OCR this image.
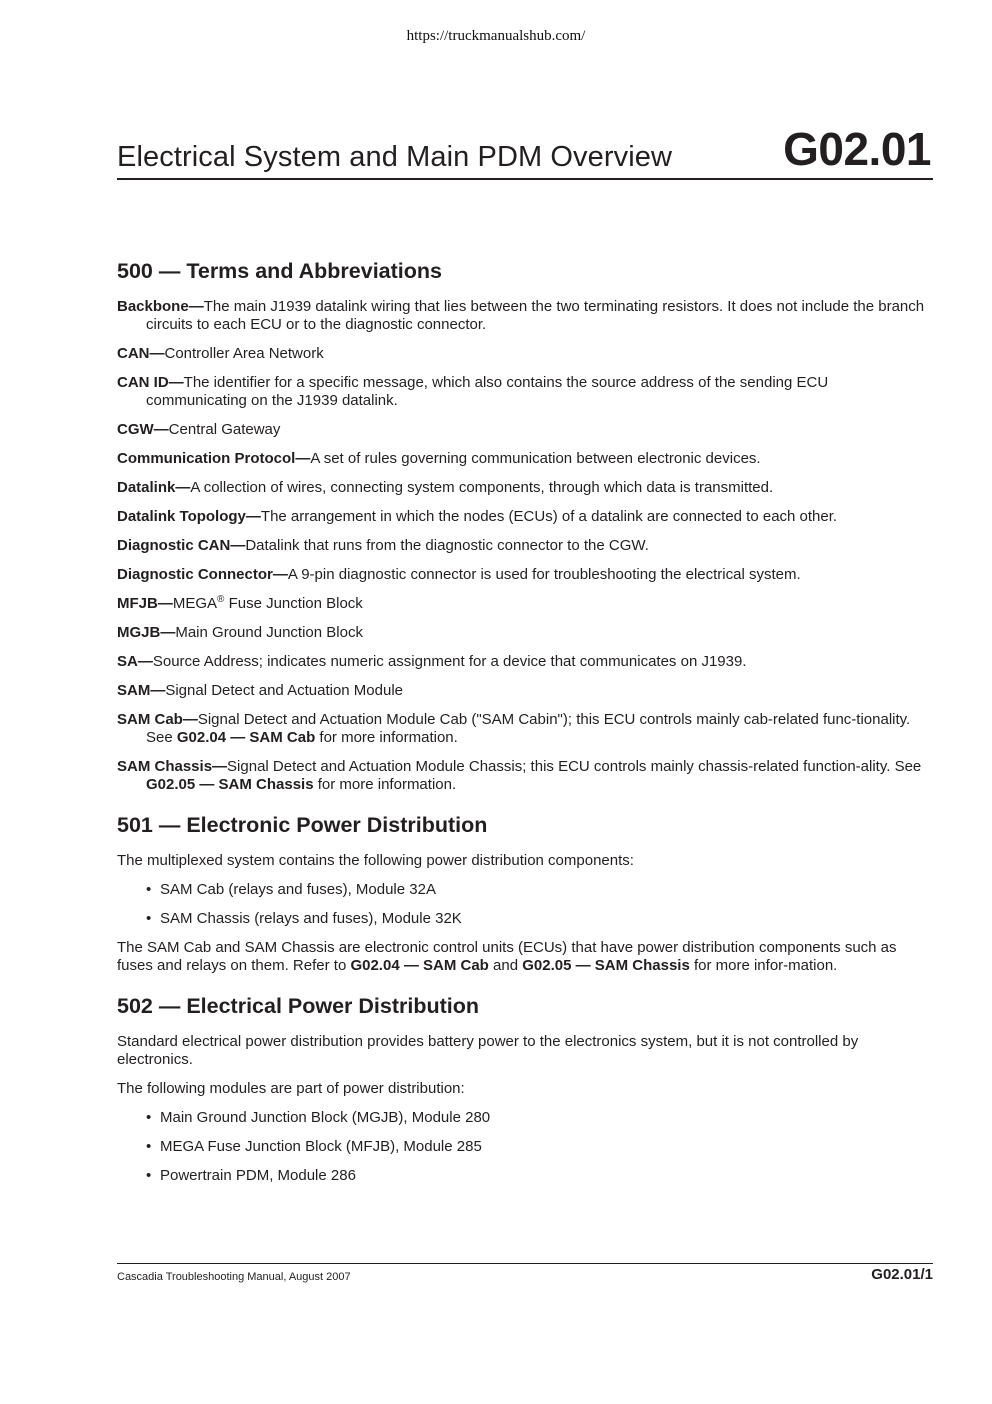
https://truckmanualshub.com/
Electrical System and Main PDM Overview G02.01
500 — Terms and Abbreviations
Backbone—The main J1939 datalink wiring that lies between the two terminating resistors. It does not include the branch circuits to each ECU or to the diagnostic connector.
CAN—Controller Area Network
CAN ID—The identifier for a specific message, which also contains the source address of the sending ECU communicating on the J1939 datalink.
CGW—Central Gateway
Communication Protocol—A set of rules governing communication between electronic devices.
Datalink—A collection of wires, connecting system components, through which data is transmitted.
Datalink Topology—The arrangement in which the nodes (ECUs) of a datalink are connected to each other.
Diagnostic CAN—Datalink that runs from the diagnostic connector to the CGW.
Diagnostic Connector—A 9-pin diagnostic connector is used for troubleshooting the electrical system.
MFJB—MEGA® Fuse Junction Block
MGJB—Main Ground Junction Block
SA—Source Address; indicates numeric assignment for a device that communicates on J1939.
SAM—Signal Detect and Actuation Module
SAM Cab—Signal Detect and Actuation Module Cab ("SAM Cabin"); this ECU controls mainly cab-related func-tionality. See G02.04 — SAM Cab for more information.
SAM Chassis—Signal Detect and Actuation Module Chassis; this ECU controls mainly chassis-related function-ality. See G02.05 — SAM Chassis for more information.
501 — Electronic Power Distribution

The multiplexed system contains the following power distribution components:

• SAM Cab (relays and fuses), Module 32A
• SAM Chassis (relays and fuses), Module 32K

The SAM Cab and SAM Chassis are electronic control units (ECUs) that have power distribution components such as fuses and relays on them. Refer to G02.04 — SAM Cab and G02.05 — SAM Chassis for more infor-mation.

502 — Electrical Power Distribution

Standard electrical power distribution provides battery power to the electronics system, but it is not controlled by electronics.

The following modules are part of power distribution:

• Main Ground Junction Block (MGJB), Module 280
• MEGA Fuse Junction Block (MFJB), Module 285
• Powertrain PDM, Module 286
Cascadia Troubleshooting Manual, August 2007	G02.01/1
